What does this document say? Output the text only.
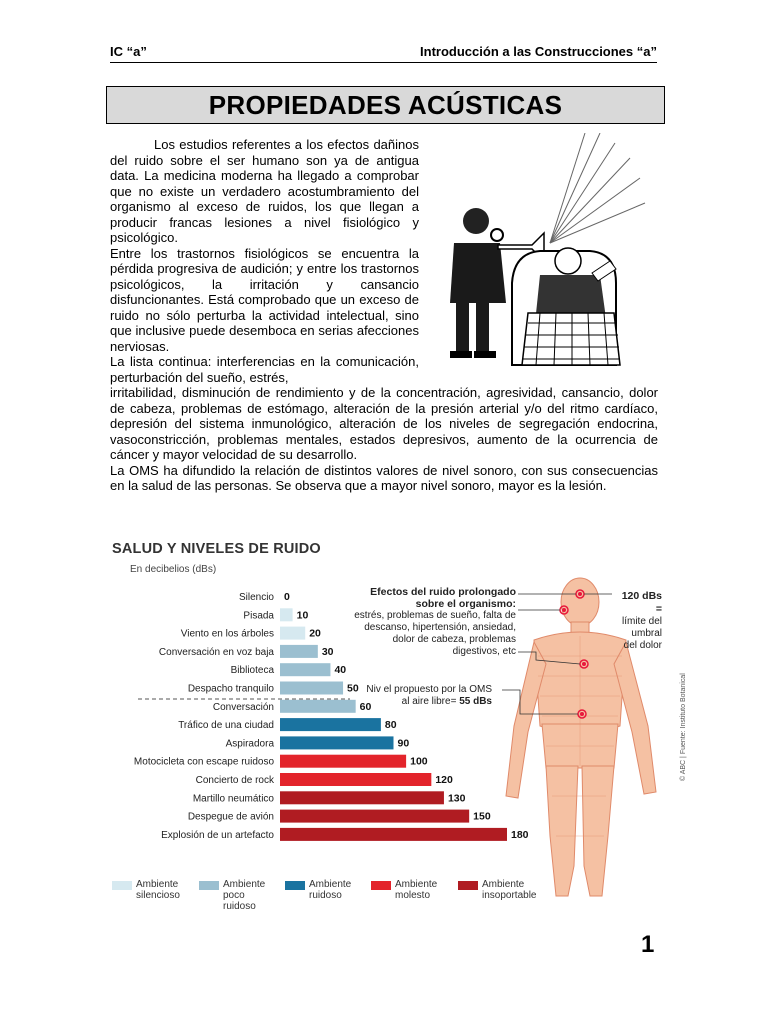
IC “a”	Introducción a las Construcciones “a”
PROPIEDADES ACÚSTICAS

Los estudios referentes a los efectos dañinos del ruido sobre el ser humano son ya de antigua data. La medicina moderna ha llegado a comprobar que no existe un verdadero acostumbramiento del organismo al exceso de ruidos, los que llegan a producir francas lesiones a nivel fisiológico y psicológico.

Entre los trastornos fisiológicos se encuentra la pérdida progresiva de audición; y entre los trastornos psicológicos, la irritación y cansancio disfuncionantes. Está comprobado que un exceso de ruido no sólo perturba la actividad intelectual, sino que inclusive puede desemboca en serias afecciones nerviosas.

La lista continua: interferencias en la comunicación, perturbación del sueño, estrés,

irritabilidad, disminución de rendimiento y de la concentración, agresividad, cansancio, dolor de cabeza, problemas de estómago, alteración de la presión arterial y/o del ritmo cardíaco, depresión del sistema inmunológico, alteración de los niveles de segregación endocrina, vasoconstricción, problemas mentales, estados depresivos, aumento de la ocurrencia de cáncer y mayor velocidad de su desarrollo.

La OMS ha difundido la relación de distintos valores de nivel sonoro, con sus consecuencias en la salud de las personas. Se observa que a mayor nivel sonoro, mayor es la lesión.

SALUD Y NIVELES DE RUIDO
En decibelios (dBs)
Silencio 0
Pisada 10
Viento en los árboles	20
Conversación en voz baja	30
Biblioteca	40
Despacho tranquilo	50
Conversación	60
Tráfico de una ciudad	80
Aspiradora	90
Motocicleta con escape ruidoso	100
Concierto de rock	120
Martillo neumático	130
Despegue de avión	150
Explosión de un artefacto	180
Efectos del ruido prolongado sobre el organismo:
estrés, problemas de sueño, falta de descanso, hipertensión, ansiedad, dolor de cabeza, problemas digestivos, etc
Niv el propuesto por la OMS
al aire libre= 55 dBs
120 dBs =
límite del umbral del dolor
© ABC | Fuente: Instituto Botanical
Ambiente
silencioso
Ambiente
poco ruidoso
Ambiente
ruidoso
Ambiente
molesto
Ambiente
insoportable
1
